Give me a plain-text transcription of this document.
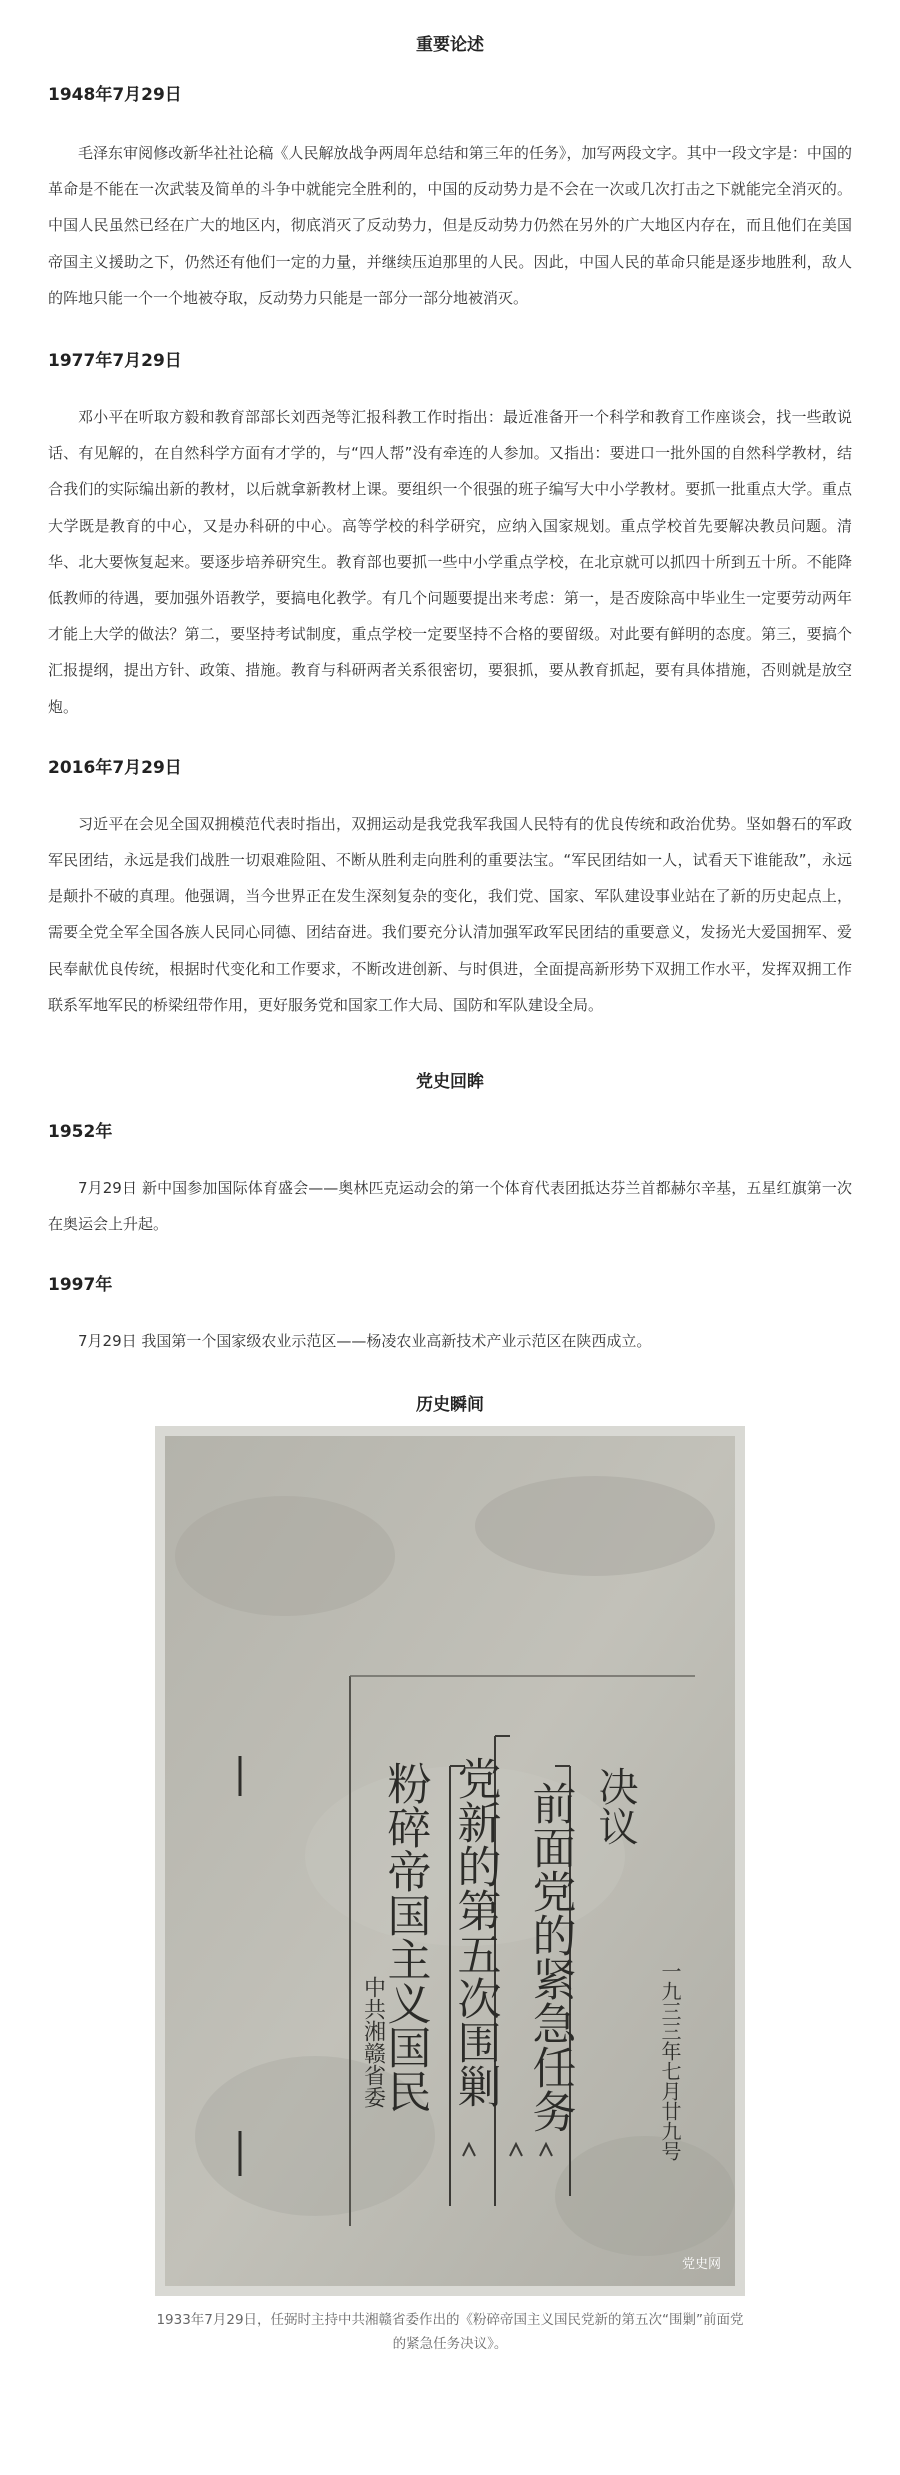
重要论述
1948年7月29日

毛泽东审阅修改新华社社论稿《人民解放战争两周年总结和第三年的任务》，加写两段文字。其中一段文字是：中国的革命是不能在一次武装及简单的斗争中就能完全胜利的，中国的反动势力是不会在一次或几次打击之下就能完全消灭的。中国人民虽然已经在广大的地区内，彻底消灭了反动势力，但是反动势力仍然在另外的广大地区内存在，而且他们在美国帝国主义援助之下，仍然还有他们一定的力量，并继续压迫那里的人民。因此，中国人民的革命只能是逐步地胜利，敌人的阵地只能一个一个地被夺取，反动势力只能是一部分一部分地被消灭。

1977年7月29日

邓小平在听取方毅和教育部部长刘西尧等汇报科教工作时指出：最近准备开一个科学和教育工作座谈会，找一些敢说话、有见解的，在自然科学方面有才学的，与“四人帮”没有牵连的人参加。又指出：要进口一批外国的自然科学教材，结合我们的实际编出新的教材，以后就拿新教材上课。要组织一个很强的班子编写大中小学教材。要抓一批重点大学。重点大学既是教育的中心，又是办科研的中心。高等学校的科学研究，应纳入国家规划。重点学校首先要解决教员问题。清华、北大要恢复起来。要逐步培养研究生。教育部也要抓一些中小学重点学校，在北京就可以抓四十所到五十所。不能降低教师的待遇，要加强外语教学，要搞电化教学。有几个问题要提出来考虑：第一，是否废除高中毕业生一定要劳动两年才能上大学的做法？第二，要坚持考试制度，重点学校一定要坚持不合格的要留级。对此要有鲜明的态度。第三，要搞个汇报提纲，提出方针、政策、措施。教育与科研两者关系很密切，要狠抓，要从教育抓起，要有具体措施，否则就是放空炮。

2016年7月29日

习近平在会见全国双拥模范代表时指出，双拥运动是我党我军我国人民特有的优良传统和政治优势。坚如磐石的军政军民团结，永远是我们战胜一切艰难险阻、不断从胜利走向胜利的重要法宝。“军民团结如一人，试看天下谁能敌”，永远是颠扑不破的真理。他强调，当今世界正在发生深刻复杂的变化，我们党、国家、军队建设事业站在了新的历史起点上，需要全党全军全国各族人民同心同德、团结奋进。我们要充分认清加强军政军民团结的重要意义，发扬光大爱国拥军、爱民奉献优良传统，根据时代变化和工作要求，不断改进创新、与时俱进，全面提高新形势下双拥工作水平，发挥双拥工作联系军地军民的桥梁纽带作用，更好服务党和国家工作大局、国防和军队建设全局。

党史回眸
1952年

7月29日 新中国参加国际体育盛会——奥林匹克运动会的第一个体育代表团抵达芬兰首都赫尔辛基，五星红旗第一次在奥运会上升起。

1997年

7月29日 我国第一个国家级农业示范区——杨凌农业高新技术产业示范区在陕西成立。

历史瞬间
决议
前面党的紧急任务
粉碎帝国主义国民 党新的第五次围剿
中共湘赣省委	一九三三年七月廿九号
党史网

1933年7月29日，任弼时主持中共湘赣省委作出的《粉碎帝国主义国民党新的第五次“围剿”前面党的紧急任务决议》。
